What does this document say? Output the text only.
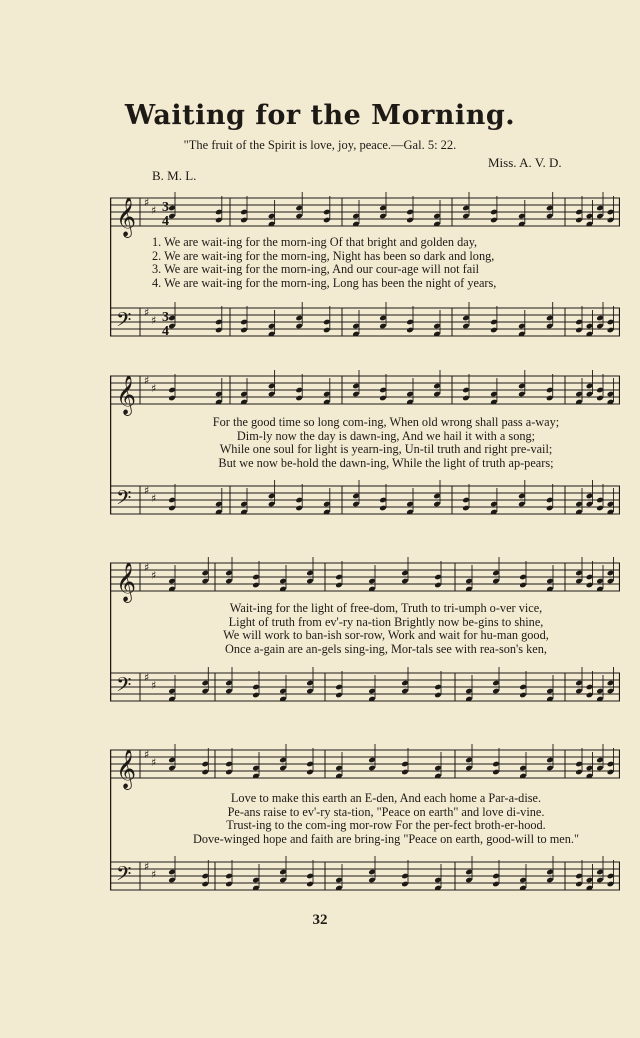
Waiting for the Morning.
"The fruit of the Spirit is love, joy, peace.—Gal. 5: 22.
B. M. L.
Miss. A. V. D.
𝄞 ♯
♯ 3
4
𝄢 ♯
♯ 3
4
1. We are wait-ing for the morn-ing Of that bright and golden day,
2. We are wait-ing for the morn-ing, Night has been so dark and long,
3. We are wait-ing for the morn-ing, And our cour-age will not fail
4. We are wait-ing for the morn-ing, Long has been the night of years,
𝄞 ♯
♯
𝄢 ♯
♯
For the good time so long com-ing, When old wrong shall pass a-way;
Dim-ly now the day is dawn-ing, And we hail it with a song;
While one soul for light is yearn-ing, Un-til truth and right pre-vail;
But we now be-hold the dawn-ing, While the light of truth ap-pears;
𝄞 ♯
♯
𝄢 ♯
♯
Wait-ing for the light of free-dom, Truth to tri-umph o-ver vice,
Light of truth from ev'-ry na-tion Brightly now be-gins to shine,
We will work to ban-ish sor-row, Work and wait for hu-man good,
Once a-gain are an-gels sing-ing, Mor-tals see with rea-son's ken,
𝄞 ♯
♯
𝄢 ♯
♯
Love to make this earth an E-den, And each home a Par-a-dise.
Pe-ans raise to ev'-ry sta-tion, "Peace on earth" and love di-vine.
Trust-ing to the com-ing mor-row For the per-fect broth-er-hood.
Dove-winged hope and faith are bring-ing "Peace on earth, good-will to men."
32
